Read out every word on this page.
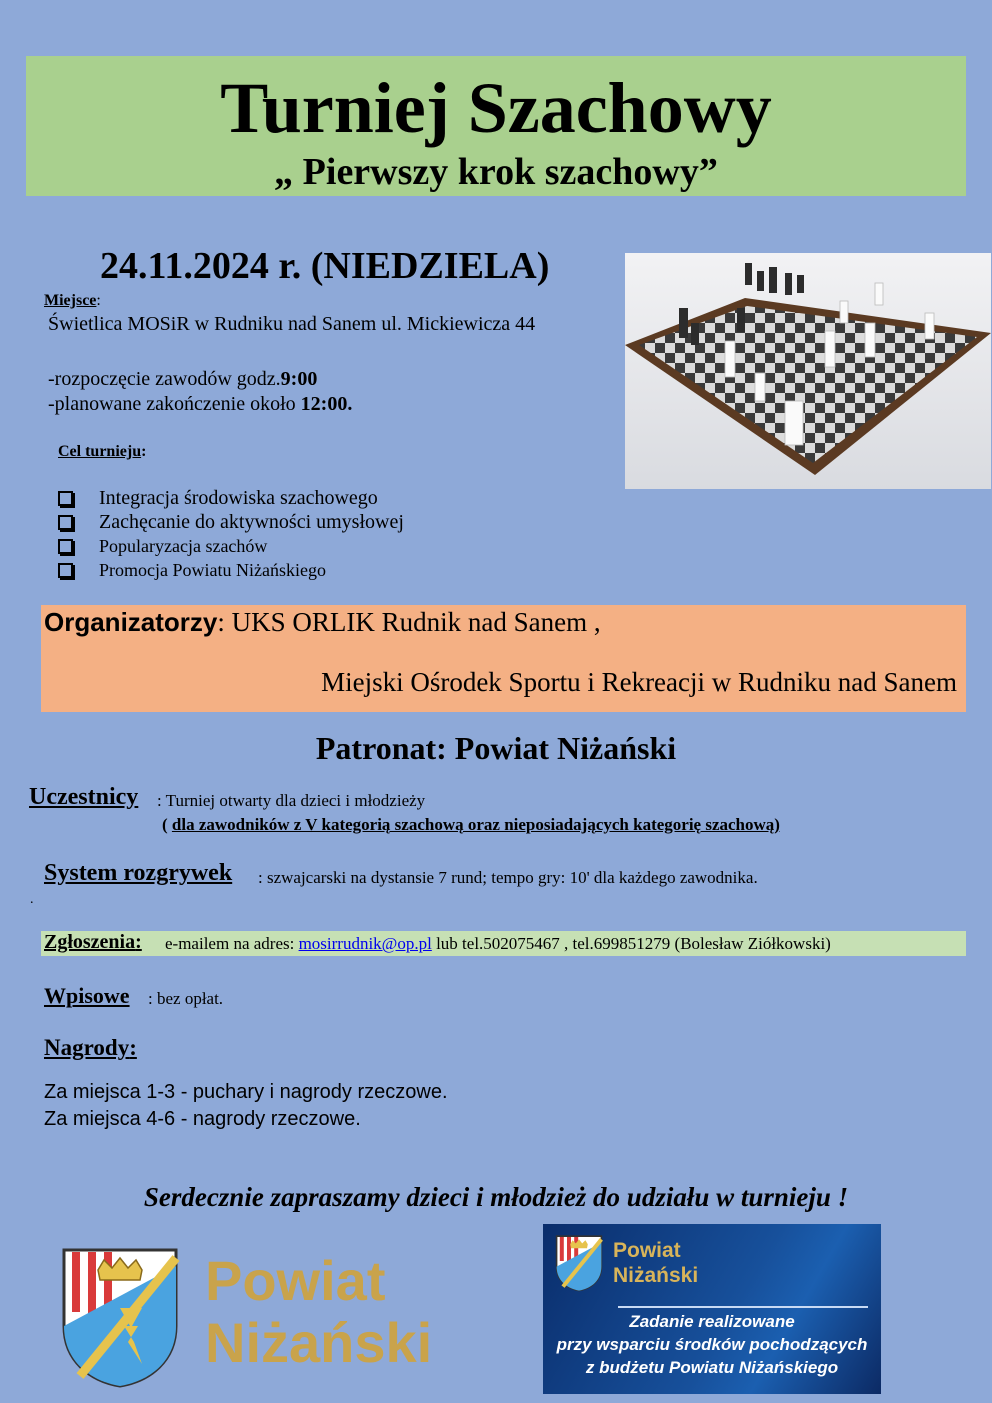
Turniej Szachowy
„ Pierwszy krok szachowy”
24.11.2024 r. (NIEDZIELA)
Miejsce:
Świetlica MOSiR w Rudniku nad Sanem ul. Mickiewicza 44
-rozpoczęcie zawodów godz.9:00
-planowane zakończenie około 12:00.
Cel turnieju:
Integracja środowiska szachowego
Zachęcanie do aktywności umysłowej
Popularyzacja szachów
Promocja Powiatu Niżańskiego
Organizatorzy: UKS ORLIK Rudnik nad Sanem ,
Miejski Ośrodek Sportu i Rekreacji w Rudniku nad Sanem
Patronat: Powiat Niżański
Uczestnicy : Turniej otwarty dla dzieci i młodzieży
( dla zawodników z V kategorią szachową oraz nieposiadających kategorię szachową)
System rozgrywek : szwajcarski na dystansie 7 rund; tempo gry: 10' dla każdego zawodnika.
.
Zgłoszenia: e-mailem na adres: mosirrudnik@op.pl lub tel.502075467 , tel.699851279 (Bolesław Ziółkowski)
Wpisowe : bez opłat.
Nagrody:
Za miejsca 1-3 - puchary i nagrody rzeczowe.
Za miejsca 4-6 - nagrody rzeczowe.
Serdecznie zapraszamy dzieci i młodzież do udziału w turnieju !
Powiat
Niżański
Powiat
Niżański
Zadanie realizowane
przy wsparciu środków pochodzących
z budżetu Powiatu Niżańskiego
